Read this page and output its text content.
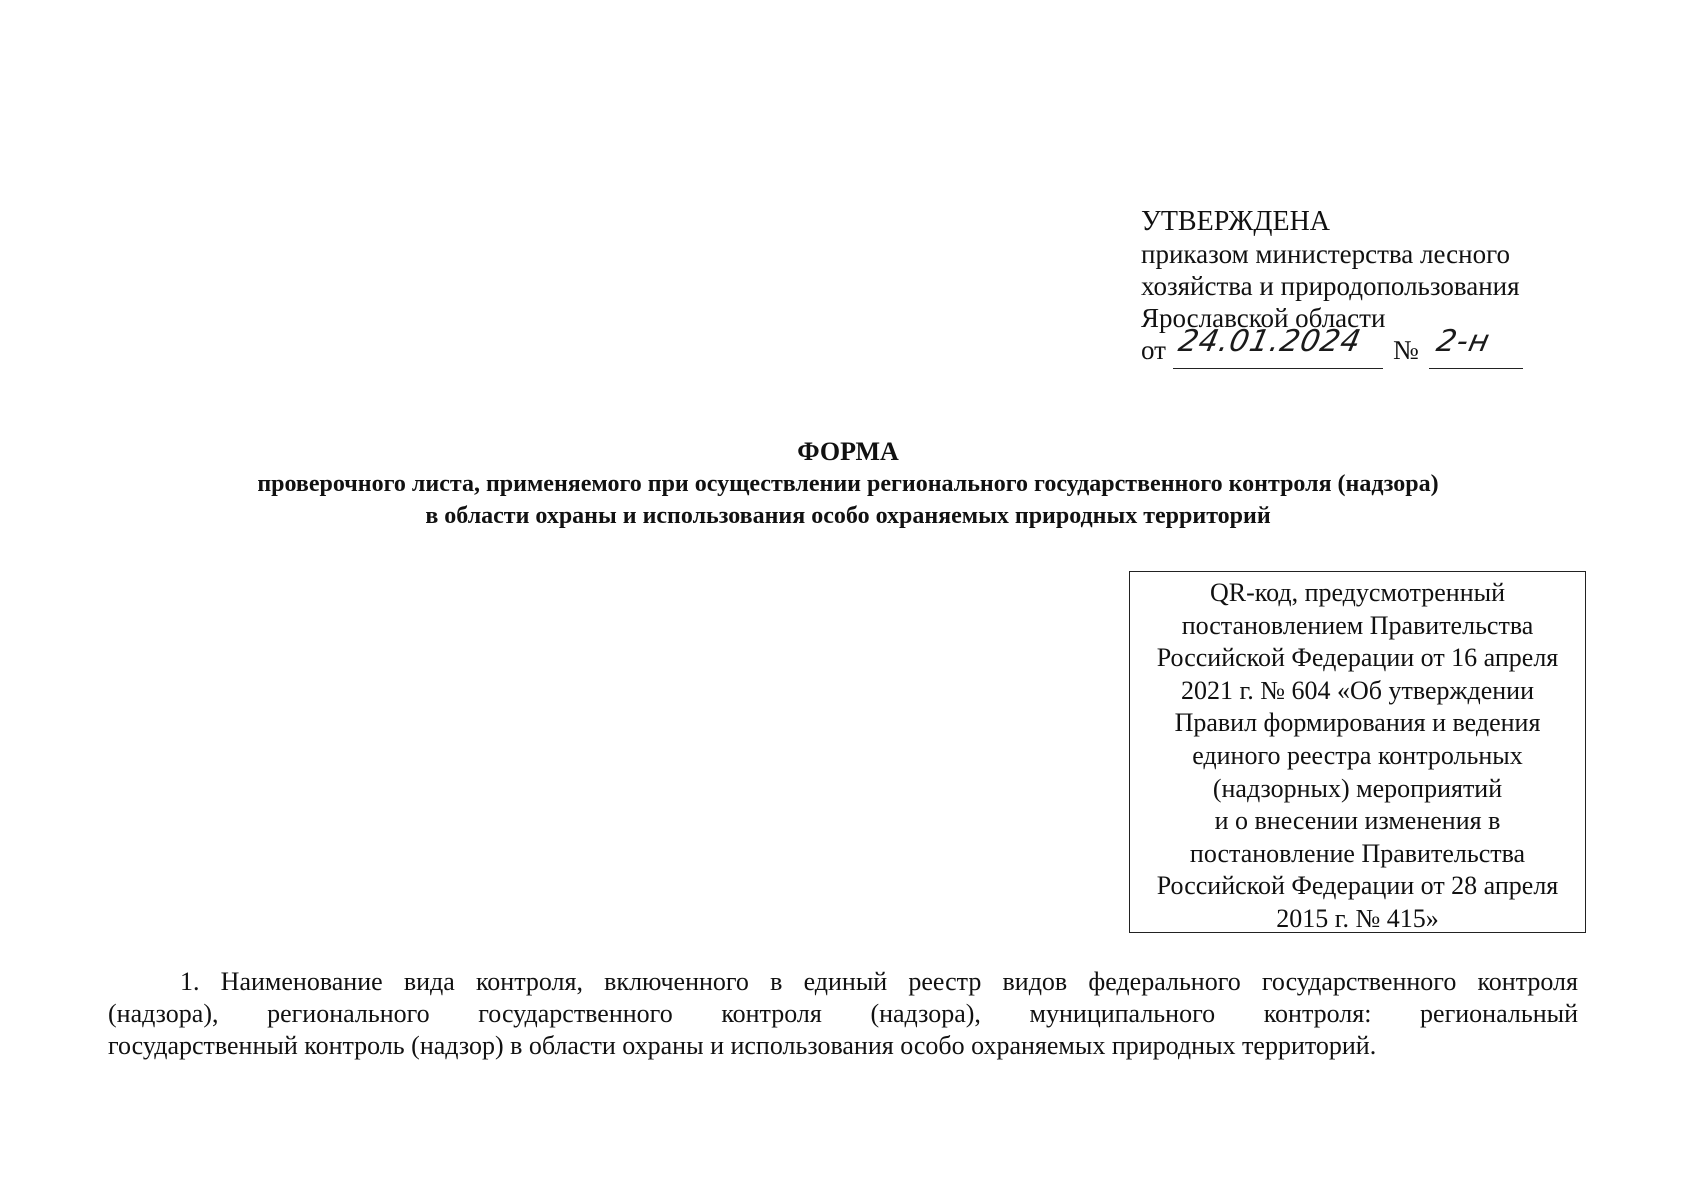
УТВЕРЖДЕНА
приказом министерства лесного
хозяйства и природопользования
Ярославской области
от 24.01.2024 № 2-н
ФОРМА
проверочного листа, применяемого при осуществлении регионального государственного контроля (надзора)
в области охраны и использования особо охраняемых природных территорий
QR-код, предусмотренный
постановлением Правительства
Российской Федерации от 16 апреля
2021 г. № 604 «Об утверждении
Правил формирования и ведения
единого реестра контрольных
(надзорных) мероприятий
и о внесении изменения в
постановление Правительства
Российской Федерации от 28 апреля
2015 г. № 415»
1. Наименование вида контроля, включенного в единый реестр видов федерального государственного контроля
(надзора), регионального государственного контроля (надзора), муниципального контроля: региональный
государственный контроль (надзор) в области охраны и использования особо охраняемых природных территорий.
